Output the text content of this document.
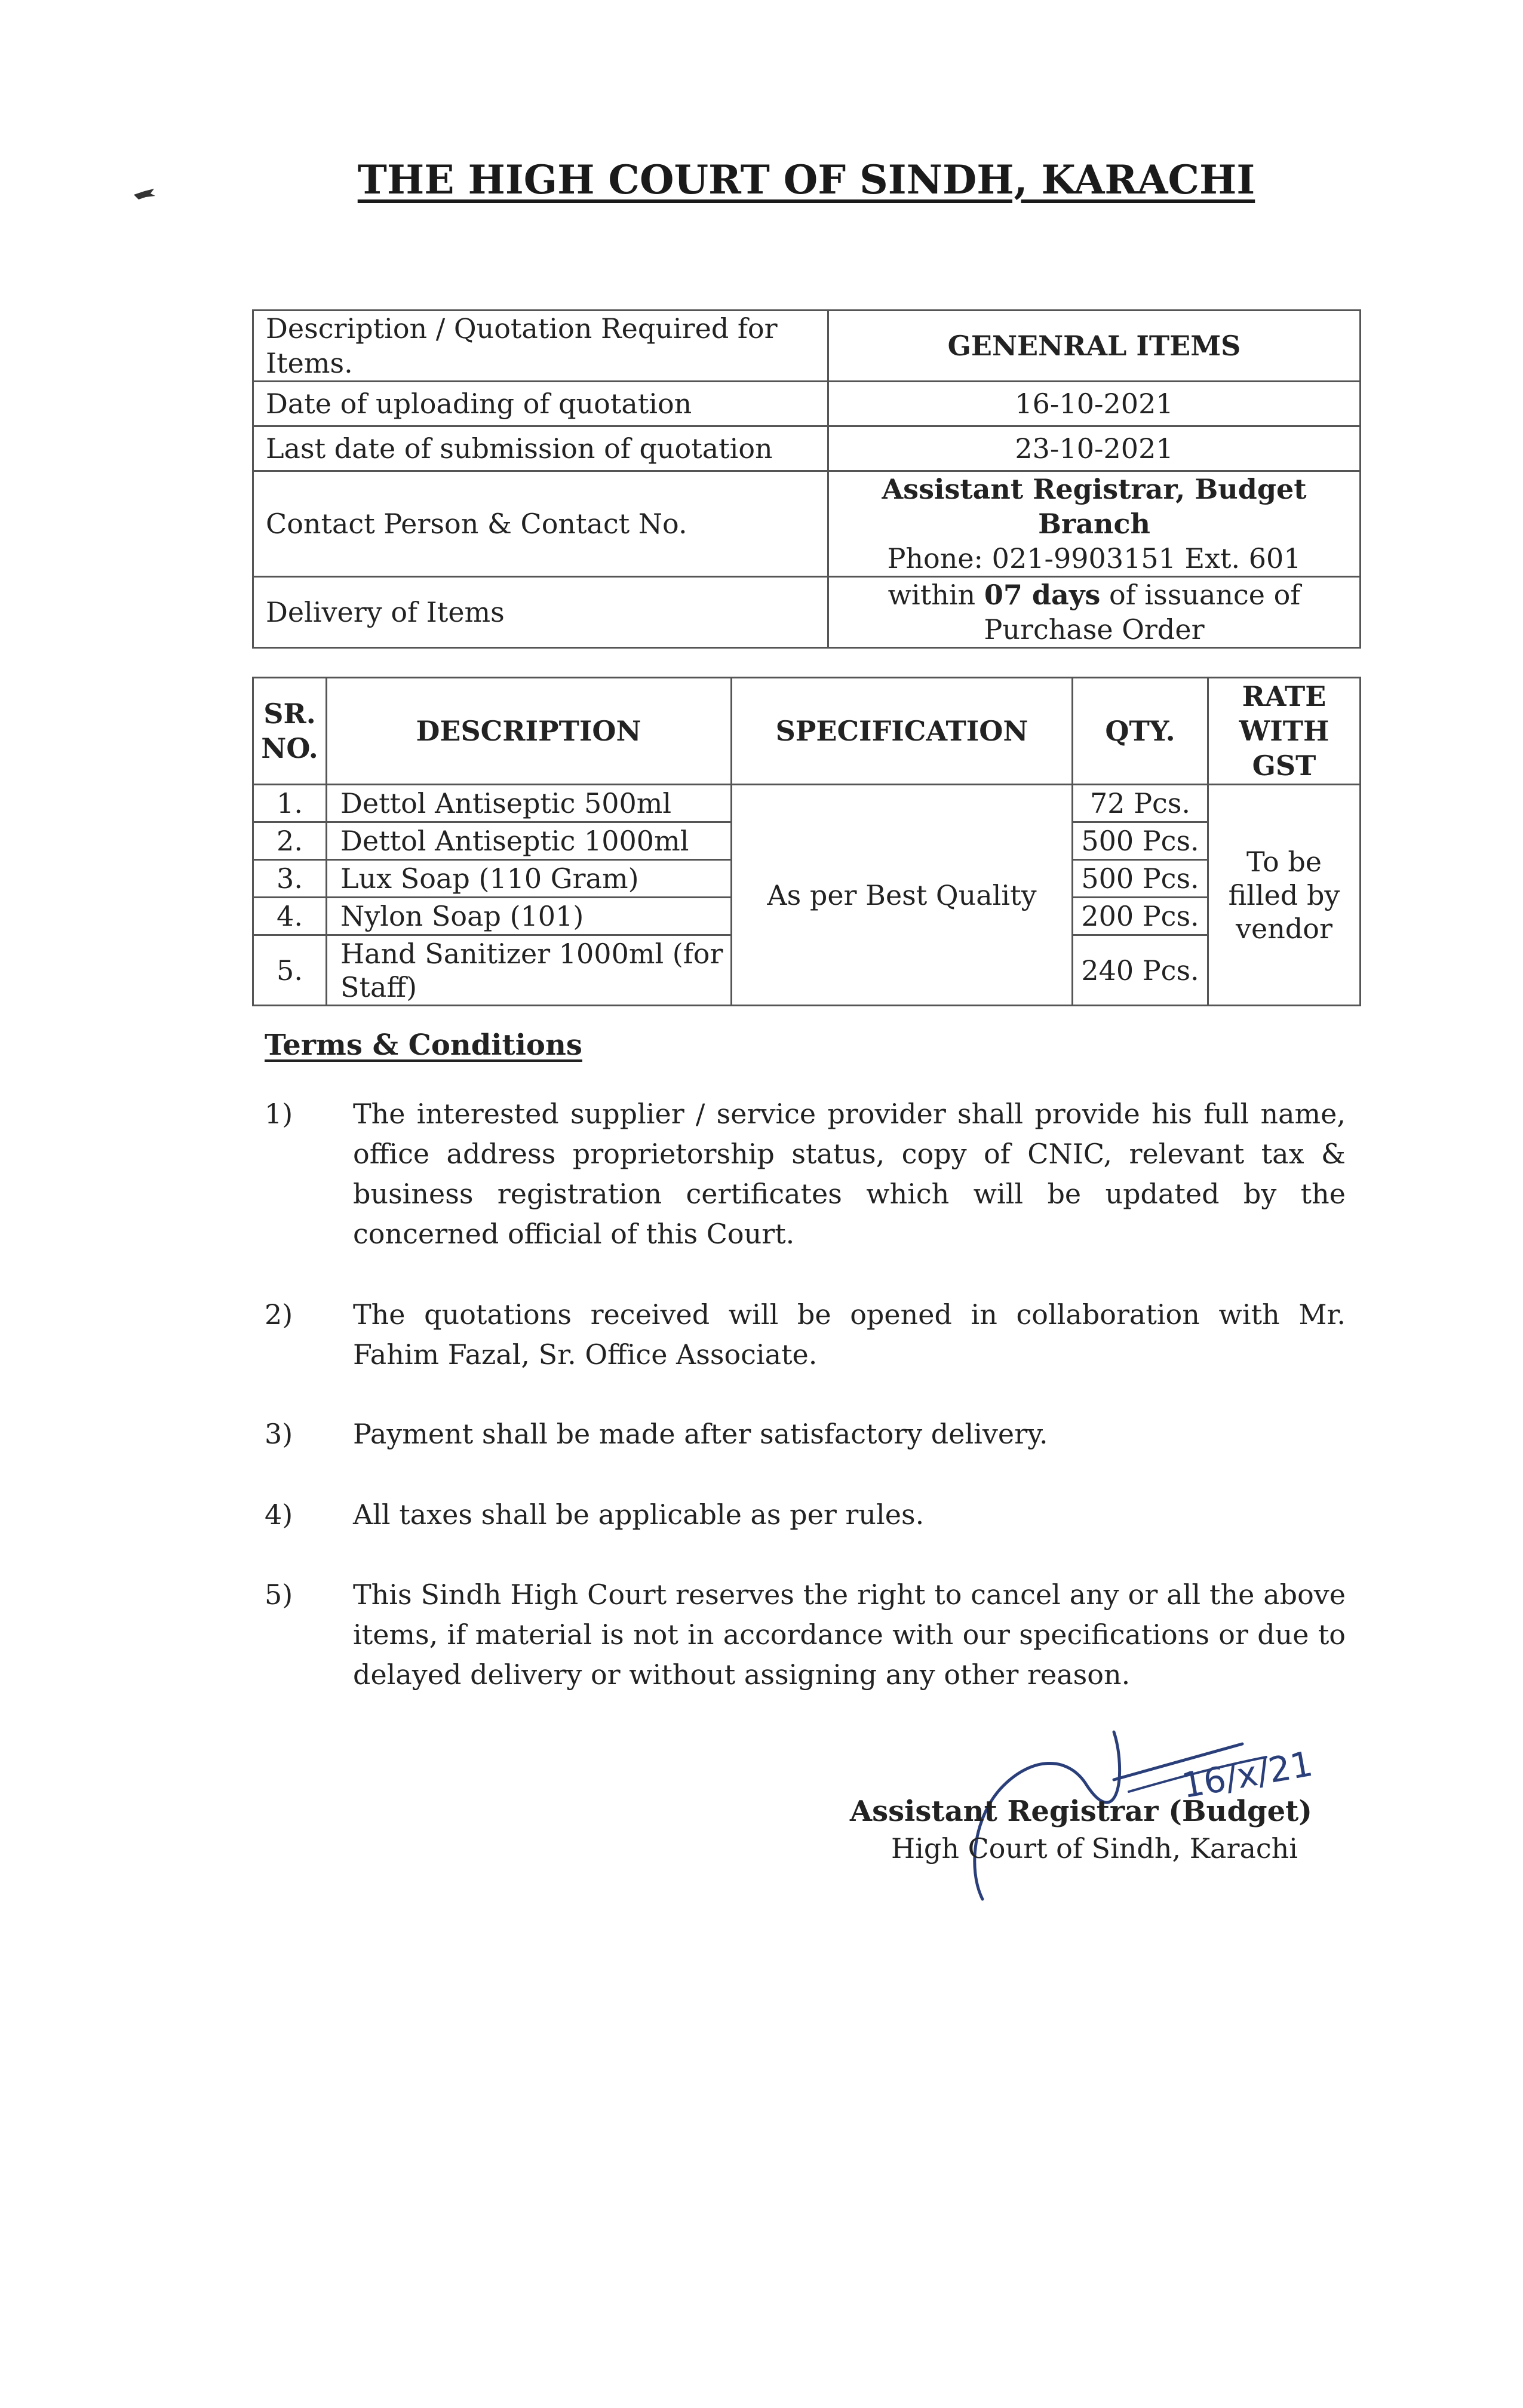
THE HIGH COURT OF SINDH, KARACHI
Description / Quotation Required for Items.	GENENRAL ITEMS
Date of uploading of quotation	16-10-2021
Last date of submission of quotation	23-10-2021
Contact Person & Contact No.	Assistant Registrar, Budget Branch
Phone: 021-9903151 Ext. 601

Delivery of Items	within 07 days of issuance of
Purchase Order
SR. NO.	DESCRIPTION	SPECIFICATION	QTY.	RATE WITH GST
1.	Dettol Antiseptic 500ml	As per Best Quality	72 Pcs.	To be filled by vendor
2.	Dettol Antiseptic 1000ml		500 Pcs.	
3.	Lux Soap (110 Gram)		500 Pcs.	
4.	Nylon Soap (101)		200 Pcs.	
5.	Hand Sanitizer 1000ml (for Staff)		240 Pcs.	
Terms & Conditions
1)	The interested supplier / service provider shall provide his full name, office address proprietorship status, copy of CNIC, relevant tax & business registration certificates which will be updated by the concerned official of this Court.
2)	The quotations received will be opened in collaboration with Mr. Fahim Fazal, Sr. Office Associate.
3)	Payment shall be made after satisfactory delivery.
4)	All taxes shall be applicable as per rules.
5)	This Sindh High Court reserves the right to cancel any or all the above items, if material is not in accordance with our specifications or due to delayed delivery or without assigning any other reason.
16/x/21
Assistant Registrar (Budget)
High Court of Sindh, Karachi
